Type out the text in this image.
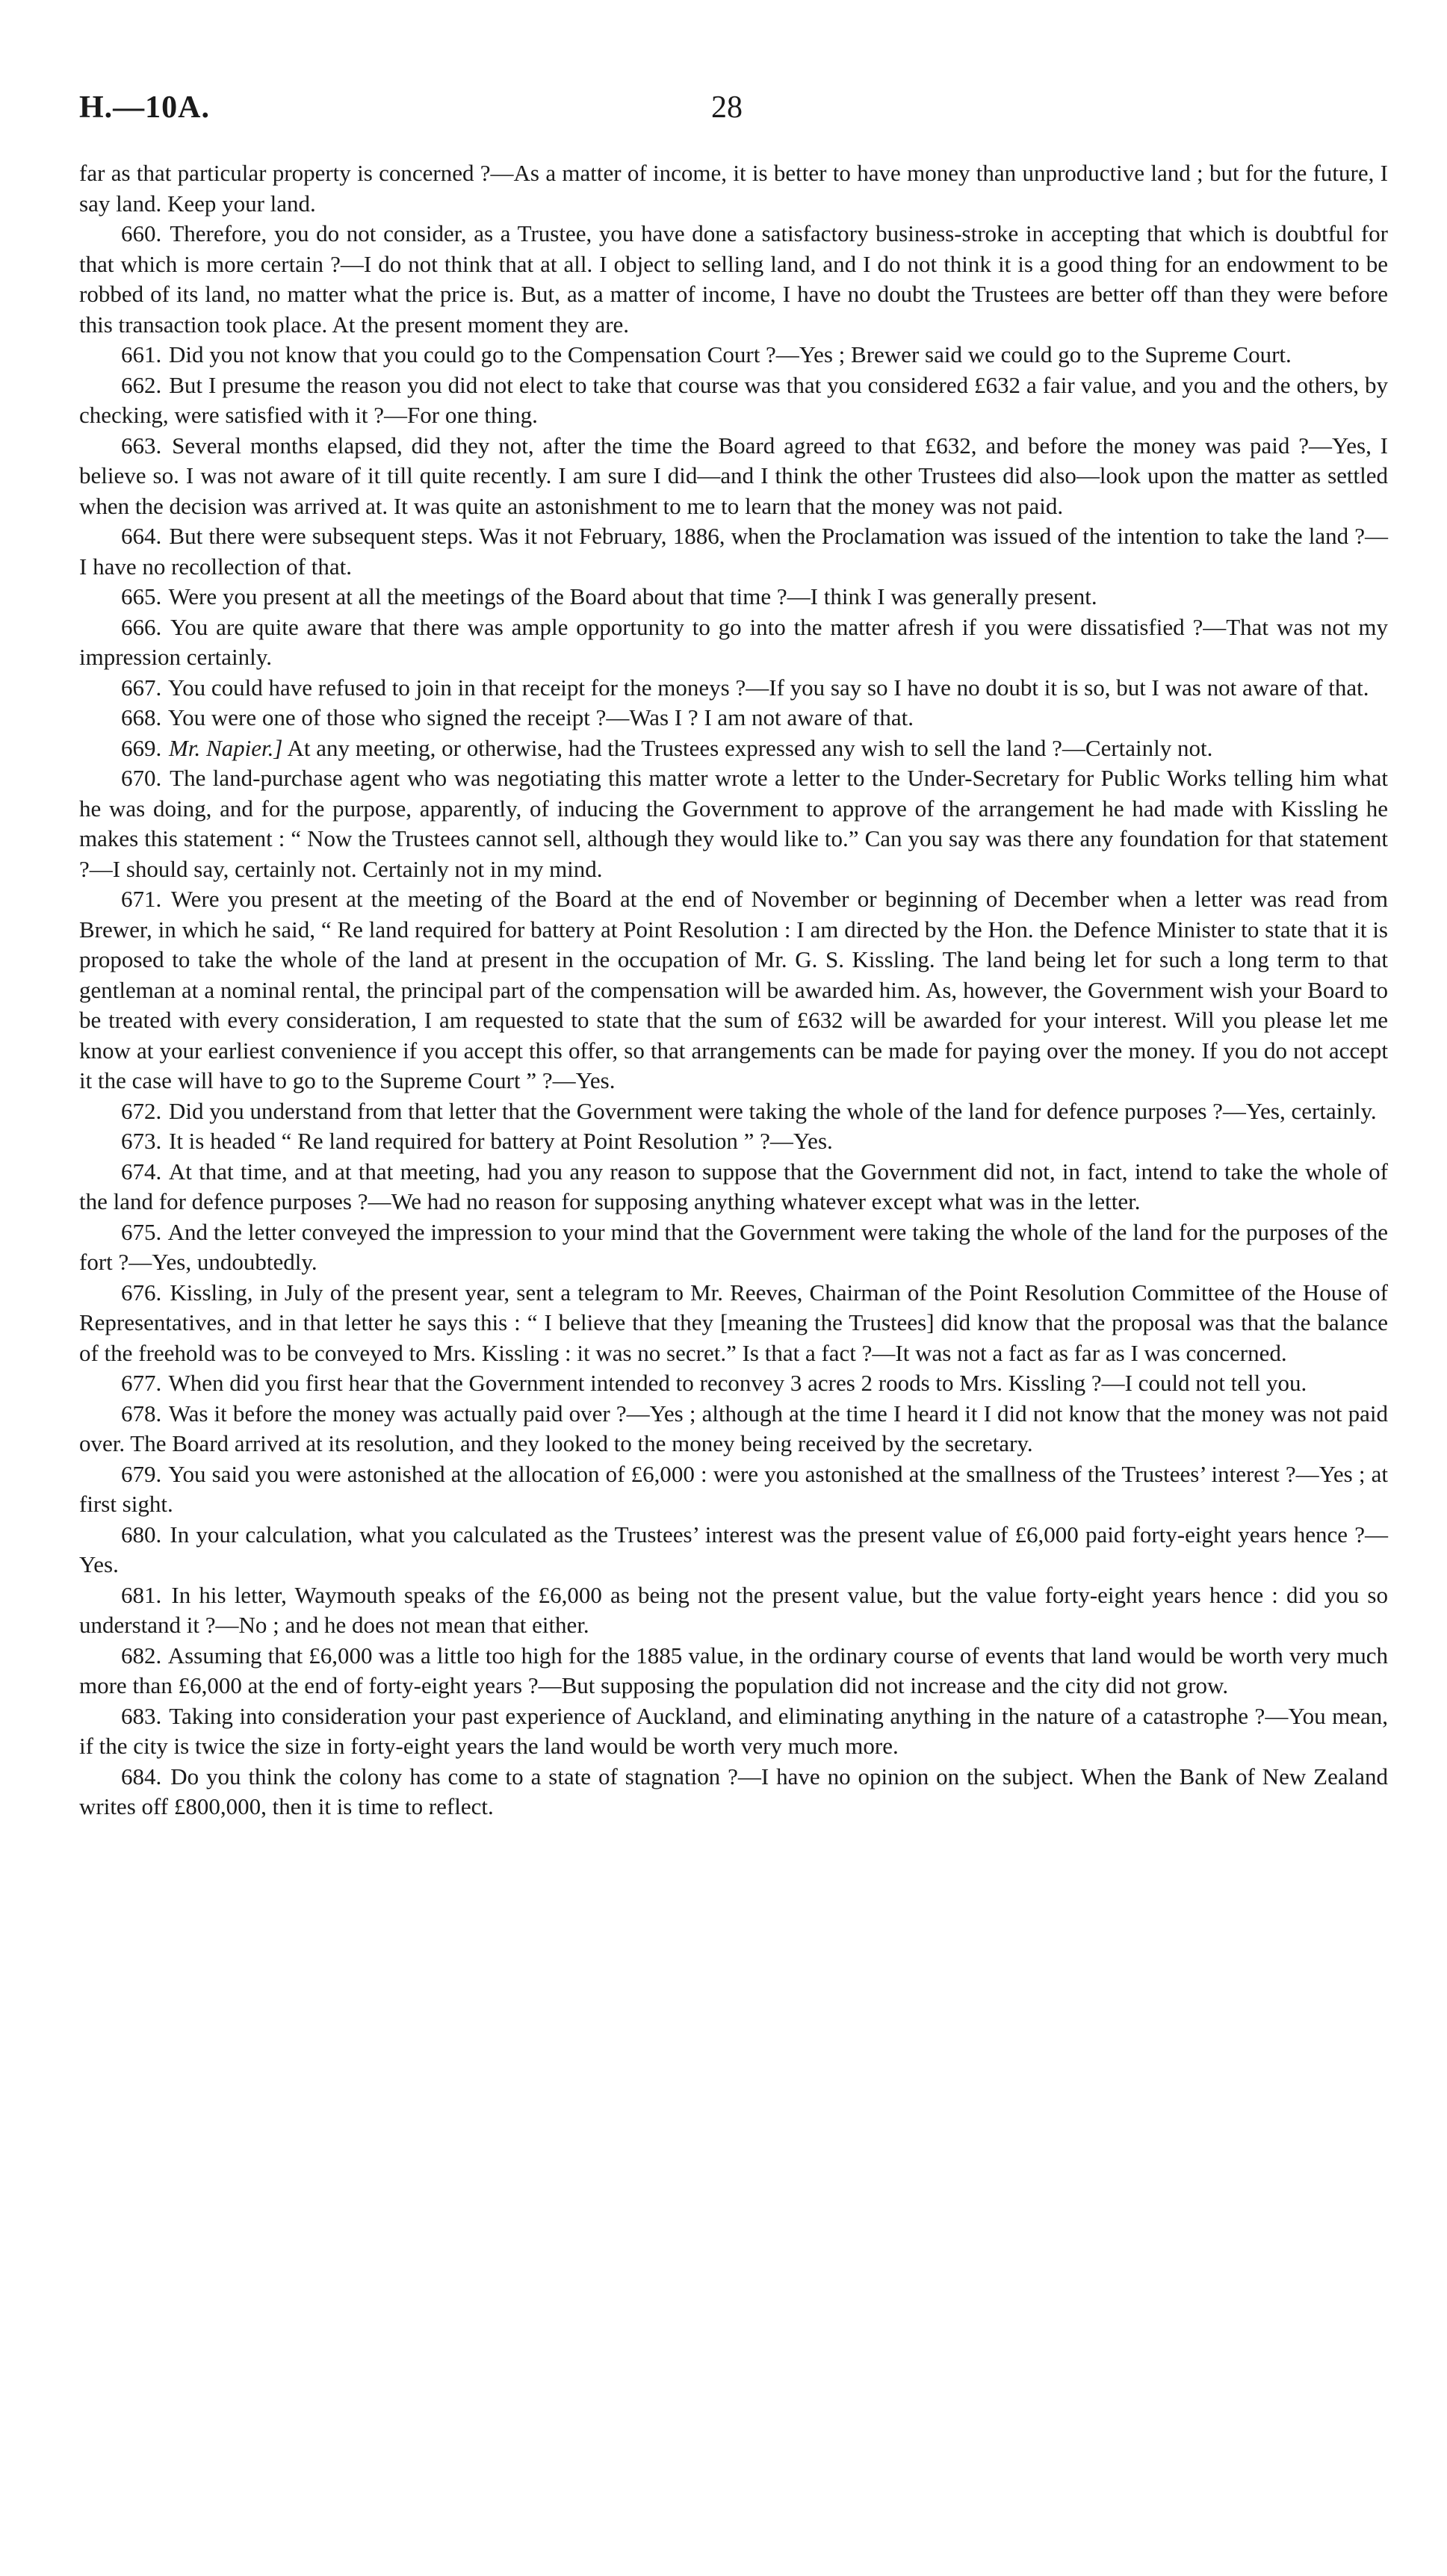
H.—10A.	28

far as that particular property is concerned ?—As a matter of income, it is better to have money than unproductive land ; but for the future, I say land. Keep your land.

660. Therefore, you do not consider, as a Trustee, you have done a satisfactory business-stroke in accepting that which is doubtful for that which is more certain ?—I do not think that at all. I object to selling land, and I do not think it is a good thing for an endowment to be robbed of its land, no matter what the price is. But, as a matter of income, I have no doubt the Trustees are better off than they were before this transaction took place. At the present moment they are.

661. Did you not know that you could go to the Compensation Court ?—Yes ; Brewer said we could go to the Supreme Court.

662. But I presume the reason you did not elect to take that course was that you considered £632 a fair value, and you and the others, by checking, were satisfied with it ?—For one thing.

663. Several months elapsed, did they not, after the time the Board agreed to that £632, and before the money was paid ?—Yes, I believe so. I was not aware of it till quite recently. I am sure I did—and I think the other Trustees did also—look upon the matter as settled when the decision was arrived at. It was quite an astonishment to me to learn that the money was not paid.

664. But there were subsequent steps. Was it not February, 1886, when the Proclamation was issued of the intention to take the land ?—I have no recollection of that.

665. Were you present at all the meetings of the Board about that time ?—I think I was generally present.

666. You are quite aware that there was ample opportunity to go into the matter afresh if you were dissatisfied ?—That was not my impression certainly.

667. You could have refused to join in that receipt for the moneys ?—If you say so I have no doubt it is so, but I was not aware of that.

668. You were one of those who signed the receipt ?—Was I ? I am not aware of that.

669. Mr. Napier.] At any meeting, or otherwise, had the Trustees expressed any wish to sell the land ?—Certainly not.

670. The land-purchase agent who was negotiating this matter wrote a letter to the Under-Secretary for Public Works telling him what he was doing, and for the purpose, apparently, of inducing the Government to approve of the arrangement he had made with Kissling he makes this statement : “ Now the Trustees cannot sell, although they would like to.” Can you say was there any foundation for that statement ?—I should say, certainly not. Certainly not in my mind.

671. Were you present at the meeting of the Board at the end of November or beginning of December when a letter was read from Brewer, in which he said, “ Re land required for battery at Point Resolution : I am directed by the Hon. the Defence Minister to state that it is proposed to take the whole of the land at present in the occupation of Mr. G. S. Kissling. The land being let for such a long term to that gentleman at a nominal rental, the principal part of the compensation will be awarded him. As, however, the Government wish your Board to be treated with every consideration, I am requested to state that the sum of £632 will be awarded for your interest. Will you please let me know at your earliest convenience if you accept this offer, so that arrangements can be made for paying over the money. If you do not accept it the case will have to go to the Supreme Court ” ?—Yes.

672. Did you understand from that letter that the Government were taking the whole of the land for defence purposes ?—Yes, certainly.

673. It is headed “ Re land required for battery at Point Resolution ” ?—Yes.

674. At that time, and at that meeting, had you any reason to suppose that the Government did not, in fact, intend to take the whole of the land for defence purposes ?—We had no reason for supposing anything whatever except what was in the letter.

675. And the letter conveyed the impression to your mind that the Government were taking the whole of the land for the purposes of the fort ?—Yes, undoubtedly.

676. Kissling, in July of the present year, sent a telegram to Mr. Reeves, Chairman of the Point Resolution Committee of the House of Representatives, and in that letter he says this : “ I believe that they [meaning the Trustees] did know that the proposal was that the balance of the freehold was to be conveyed to Mrs. Kissling : it was no secret.” Is that a fact ?—It was not a fact as far as I was concerned.

677. When did you first hear that the Government intended to reconvey 3 acres 2 roods to Mrs. Kissling ?—I could not tell you.

678. Was it before the money was actually paid over ?—Yes ; although at the time I heard it I did not know that the money was not paid over. The Board arrived at its resolution, and they looked to the money being received by the secretary.

679. You said you were astonished at the allocation of £6,000 : were you astonished at the smallness of the Trustees’ interest ?—Yes ; at first sight.

680. In your calculation, what you calculated as the Trustees’ interest was the present value of £6,000 paid forty-eight years hence ?—Yes.

681. In his letter, Waymouth speaks of the £6,000 as being not the present value, but the value forty-eight years hence : did you so understand it ?—No ; and he does not mean that either.

682. Assuming that £6,000 was a little too high for the 1885 value, in the ordinary course of events that land would be worth very much more than £6,000 at the end of forty-eight years ?—But supposing the population did not increase and the city did not grow.

683. Taking into consideration your past experience of Auckland, and eliminating anything in the nature of a catastrophe ?—You mean, if the city is twice the size in forty-eight years the land would be worth very much more.

684. Do you think the colony has come to a state of stagnation ?—I have no opinion on the subject. When the Bank of New Zealand writes off £800,000, then it is time to reflect.
